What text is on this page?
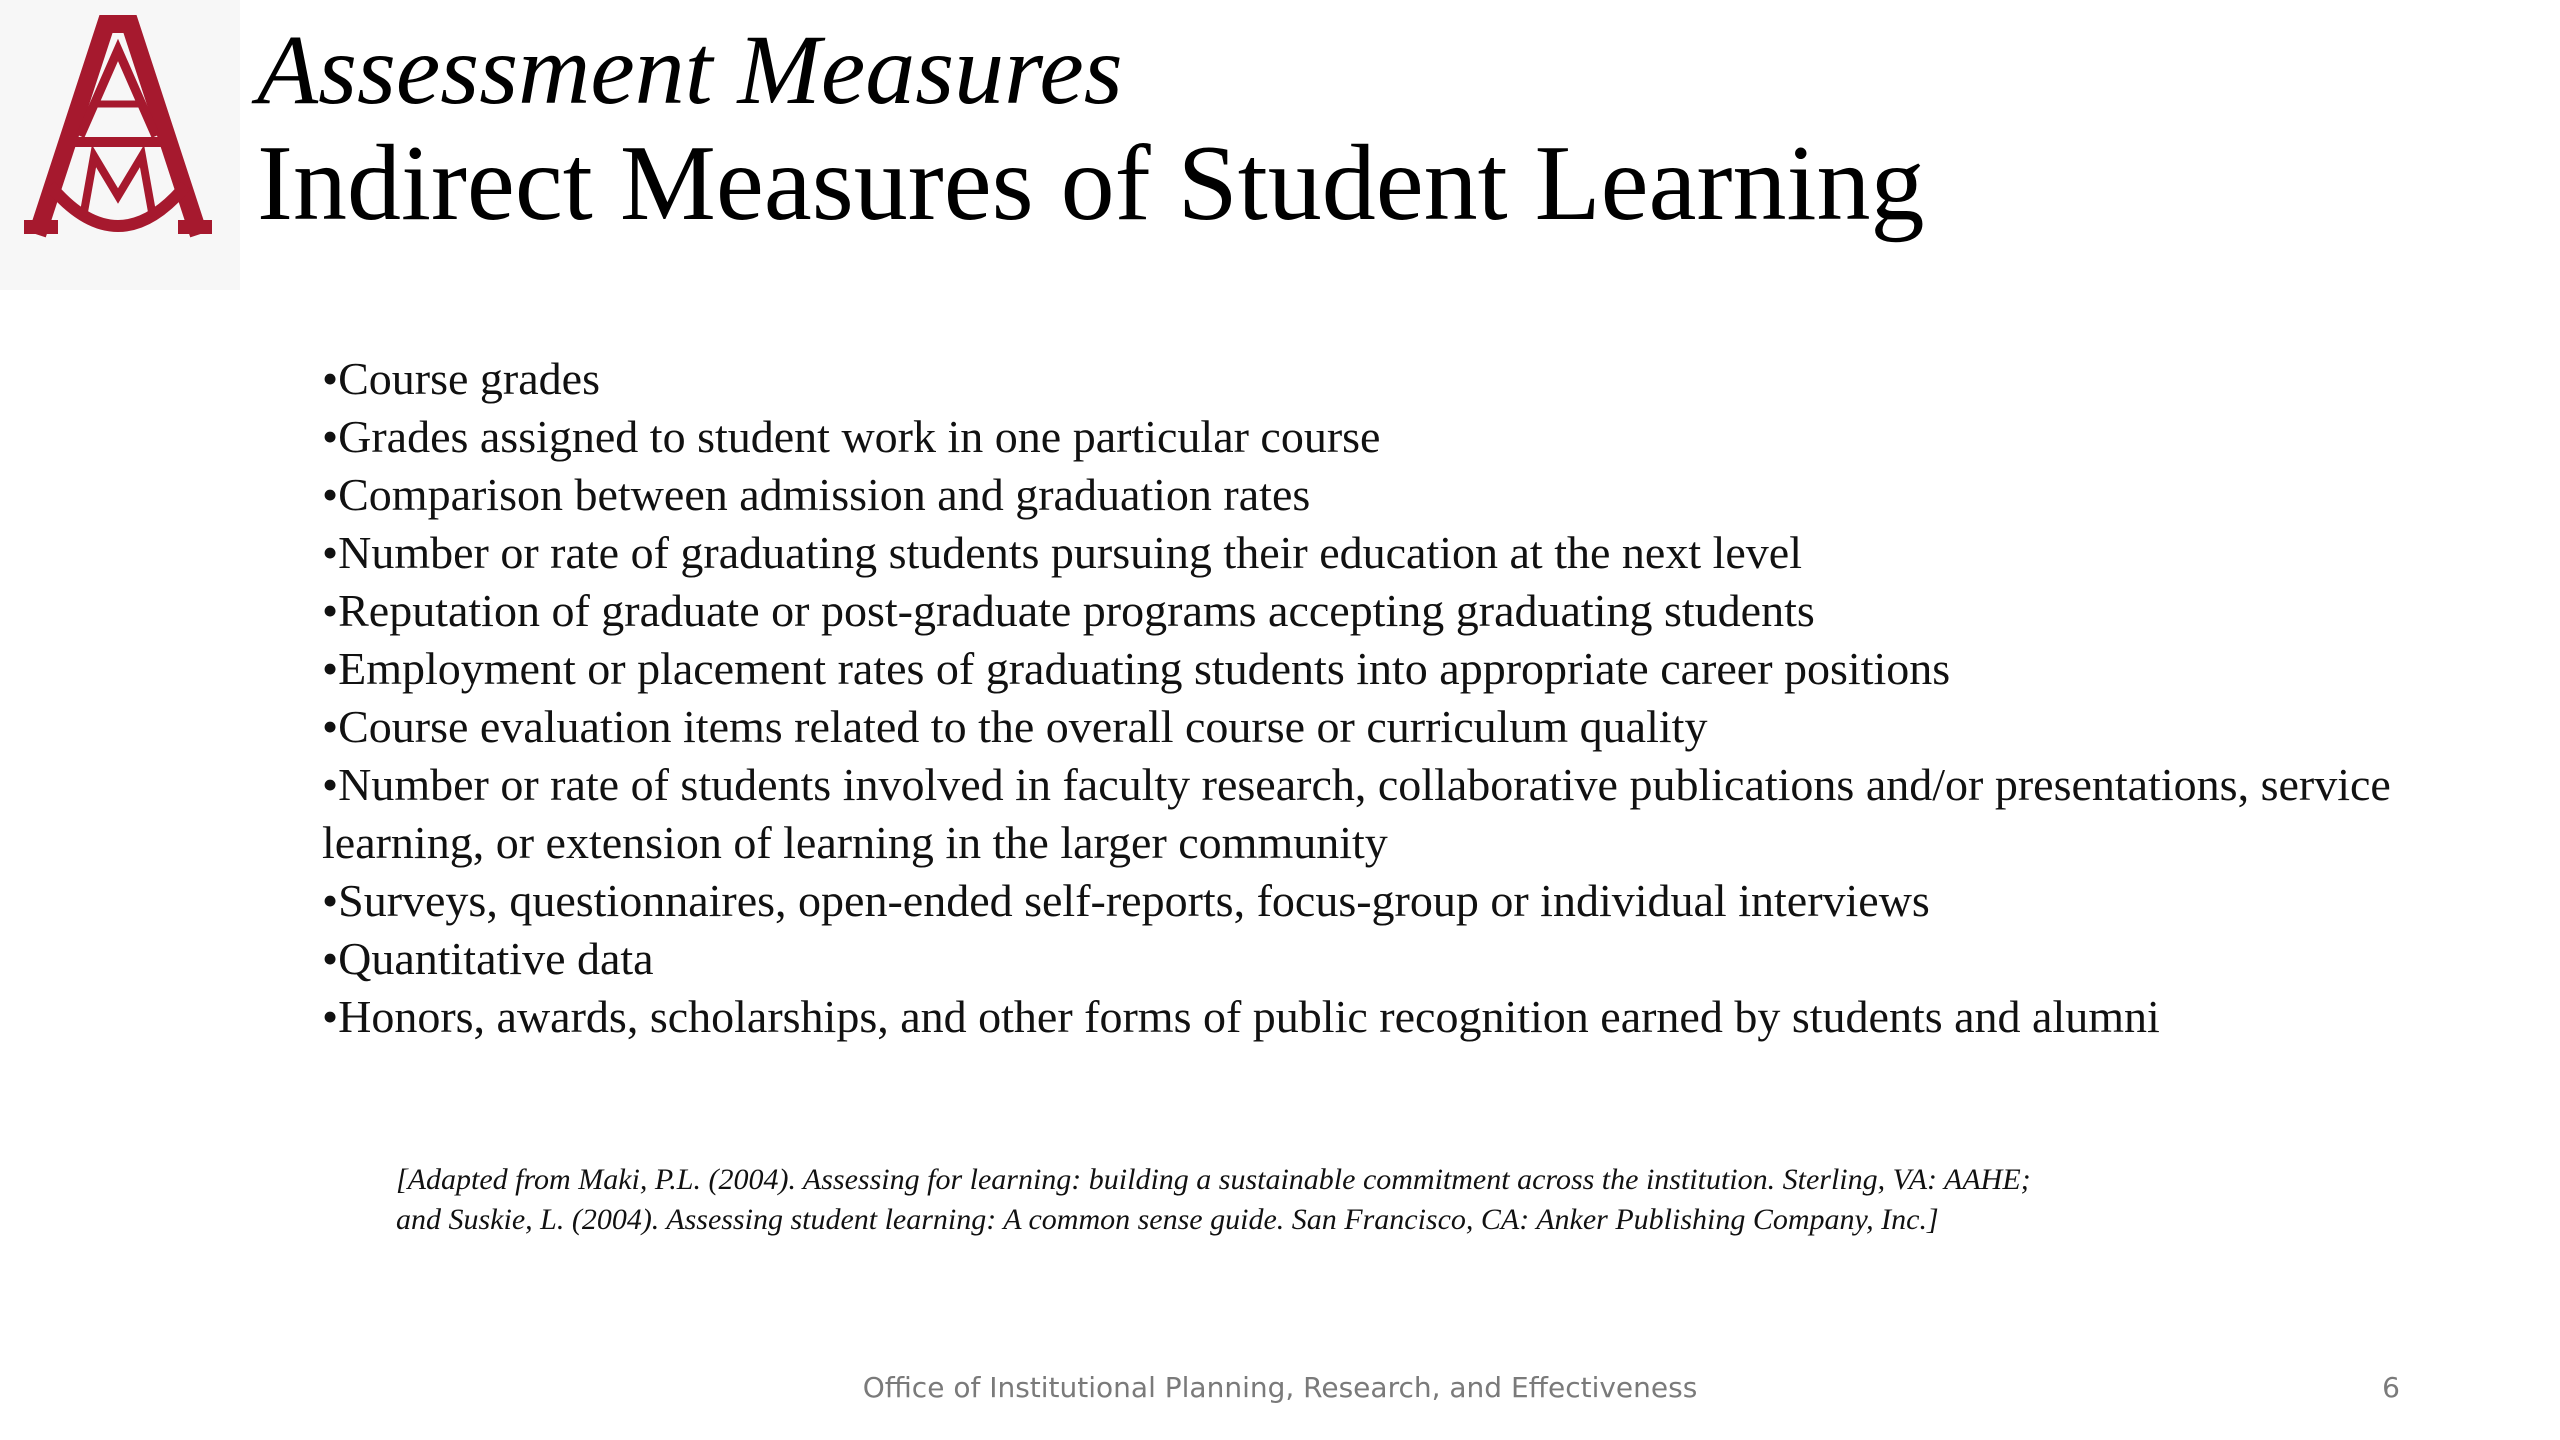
Assessment Measures
Indirect Measures of Student Learning
• Course grades
• Grades assigned to student work in one particular course
• Comparison between admission and graduation rates
• Number or rate of graduating students pursuing their education at the next level
• Reputation of graduate or post-graduate programs accepting graduating students
• Employment or placement rates of graduating students into appropriate career positions
• Course evaluation items related to the overall course or curriculum quality
• Number or rate of students involved in faculty research, collaborative publications and/or presentations, service learning, or extension of learning in the larger community
• Surveys, questionnaires, open-ended self-reports, focus-group or individual interviews
• Quantitative data
• Honors, awards, scholarships, and other forms of public recognition earned by students and alumni

[Adapted from Maki, P.L. (2004). Assessing for learning: building a sustainable commitment across the institution. Sterling, VA: AAHE;
and Suskie, L. (2004). Assessing student learning: A common sense guide. San Francisco, CA: Anker Publishing Company, Inc.]

Office of Institutional Planning, Research, and Effectiveness	6
